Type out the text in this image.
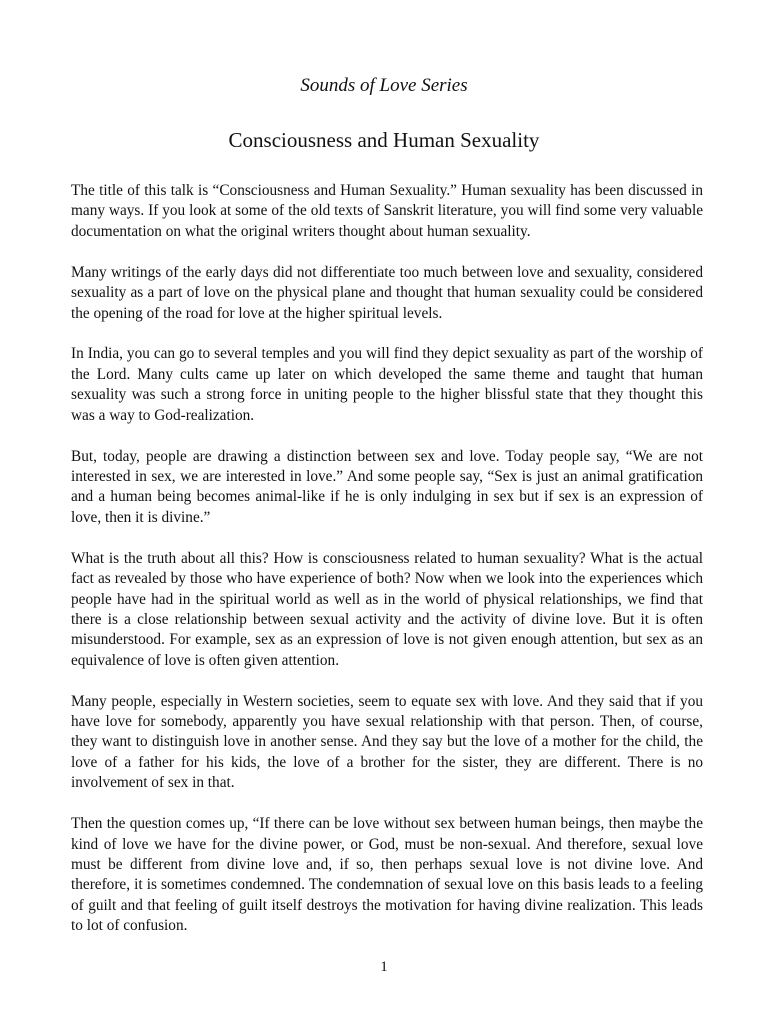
Sounds of Love Series
Consciousness and Human Sexuality

The title of this talk is “Consciousness and Human Sexuality.” Human sexuality has been discussed in many ways. If you look at some of the old texts of Sanskrit literature, you will find some very valuable documentation on what the original writers thought about human sexuality.

Many writings of the early days did not differentiate too much between love and sexuality, considered sexuality as a part of love on the physical plane and thought that human sexuality could be considered the opening of the road for love at the higher spiritual levels.

In India, you can go to several temples and you will find they depict sexuality as part of the worship of the Lord. Many cults came up later on which developed the same theme and taught that human sexuality was such a strong force in uniting people to the higher blissful state that they thought this was a way to God-realization.

But, today, people are drawing a distinction between sex and love. Today people say, “We are not interested in sex, we are interested in love.” And some people say, “Sex is just an animal gratification and a human being becomes animal-like if he is only indulging in sex but if sex is an expression of love, then it is divine.”

What is the truth about all this? How is consciousness related to human sexuality? What is the actual fact as revealed by those who have experience of both? Now when we look into the experiences which people have had in the spiritual world as well as in the world of physical relationships, we find that there is a close relationship between sexual activity and the activity of divine love. But it is often misunderstood. For example, sex as an expression of love is not given enough attention, but sex as an equivalence of love is often given attention.

Many people, especially in Western societies, seem to equate sex with love. And they said that if you have love for somebody, apparently you have sexual relationship with that person. Then, of course, they want to distinguish love in another sense. And they say but the love of a mother for the child, the love of a father for his kids, the love of a brother for the sister, they are different. There is no involvement of sex in that.

Then the question comes up, “If there can be love without sex between human beings, then maybe the kind of love we have for the divine power, or God, must be non-sexual. And therefore, sexual love must be different from divine love and, if so, then perhaps sexual love is not divine love. And therefore, it is sometimes condemned. The condemnation of sexual love on this basis leads to a feeling of guilt and that feeling of guilt itself destroys the motivation for having divine realization. This leads to lot of confusion.

1
